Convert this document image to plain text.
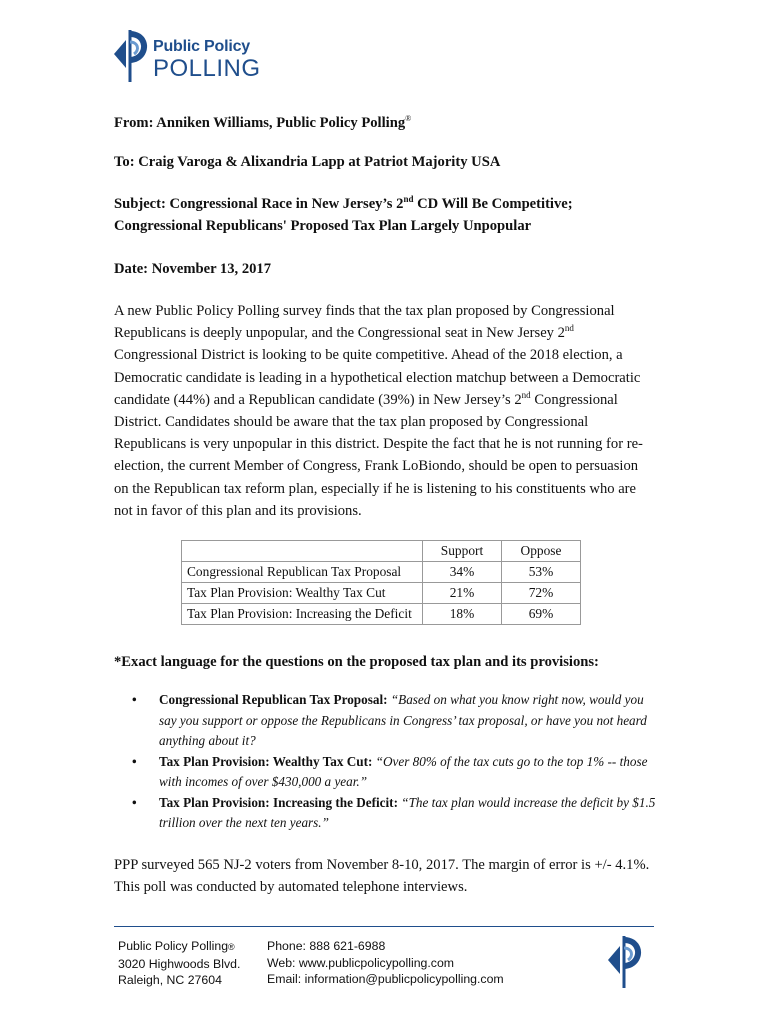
Public Policy
POLLING
From: Anniken Williams, Public Policy Polling®
To: Craig Varoga & Alixandria Lapp at Patriot Majority USA
Subject: Congressional Race in New Jersey’s 2nd CD Will Be Competitive;
Congressional Republicans' Proposed Tax Plan Largely Unpopular
Date: November 13, 2017
A new Public Policy Polling survey finds that the tax plan proposed by Congressional Republicans is deeply unpopular, and the Congressional seat in New Jersey 2nd Congressional District is looking to be quite competitive. Ahead of the 2018 election, a Democratic candidate is leading in a hypothetical election matchup between a Democratic candidate (44%) and a Republican candidate (39%) in New Jersey’s 2nd Congressional District. Candidates should be aware that the tax plan proposed by Congressional Republicans is very unpopular in this district. Despite the fact that he is not running for re-election, the current Member of Congress, Frank LoBiondo, should be open to persuasion on the Republican tax reform plan, especially if he is listening to his constituents who are not in favor of this plan and its provisions.
	Support	Oppose
Congressional Republican Tax Proposal	34%	53%
Tax Plan Provision: Wealthy Tax Cut	21%	72%
Tax Plan Provision: Increasing the Deficit	18%	69%
*Exact language for the questions on the proposed tax plan and its provisions:
• Congressional Republican Tax Proposal: “Based on what you know right now, would you say you support or oppose the Republicans in Congress’ tax proposal, or have you not heard anything about it?
• Tax Plan Provision: Wealthy Tax Cut: “Over 80% of the tax cuts go to the top 1% -- those with incomes of over $430,000 a year.”
• Tax Plan Provision: Increasing the Deficit: “The tax plan would increase the deficit by $1.5 trillion over the next ten years.”
PPP surveyed 565 NJ-2 voters from November 8-10, 2017. The margin of error is +/- 4.1%. This poll was conducted by automated telephone interviews.
Public Policy Polling®
3020 Highwoods Blvd.
Raleigh, NC 27604
Phone: 888 621-6988
Web: www.publicpolicypolling.com
Email: information@publicpolicypolling.com
